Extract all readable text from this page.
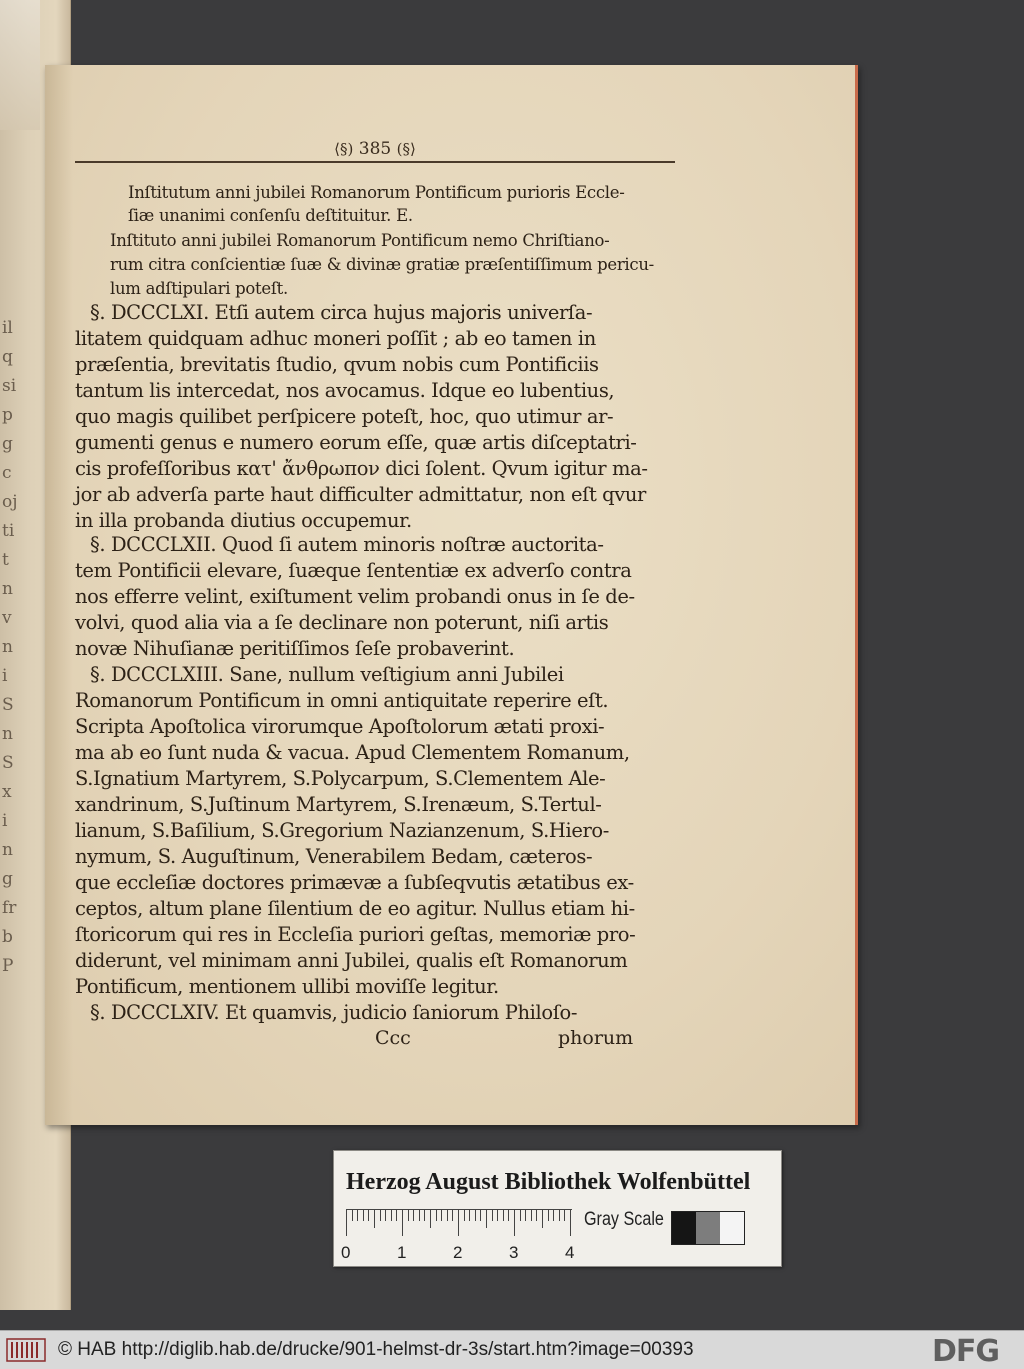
il
q
si
p
g
c
oj
ti
t
n
v
n
i
S
n
S
x
i
n
g
fr
b
P
⟨§) 385 (§⟩
Inſtitutum anni jubilei Romanorum Pontificum purioris Eccle-
ſiæ unanimi conſenſu deſtituitur. E.
Inſtituto anni jubilei Romanorum Pontificum nemo Chriſtiano-
rum citra conſcientiæ ſuæ & divinæ gratiæ præſentiſſimum pericu-
lum adſtipulari poteſt.
§. DCCCLXI. Etſi autem circa hujus majoris univerſa-
litatem quidquam adhuc moneri poſſit ; ab eo tamen in
præſentia, brevitatis ſtudio, qvum nobis cum Pontificiis
tantum lis intercedat, nos avocamus. Idque eo lubentius,
quo magis quilibet perſpicere poteſt, hoc, quo utimur ar-
gumenti genus e numero eorum eſſe, quæ artis diſceptatri-
cis profeſſoribus κατ' ἄνθρωπον dici ſolent. Qvum igitur ma-
jor ab adverſa parte haut difficulter admittatur, non eſt qvur
in illa probanda diutius occupemur.
§. DCCCLXII. Quod ſi autem minoris noſtræ auctorita-
tem Pontificii elevare, ſuæque ſententiæ ex adverſo contra
nos efferre velint, exiſtument velim probandi onus in ſe de-
volvi, quod alia via a ſe declinare non poterunt, niſi artis
novæ Nihuſianæ peritiſſimos ſeſe probaverint.
§. DCCCLXIII. Sane, nullum veſtigium anni Jubilei
Romanorum Pontificum in omni antiquitate reperire eſt.
Scripta Apoſtolica virorumque Apoſtolorum ætati proxi-
ma ab eo ſunt nuda & vacua. Apud Clementem Romanum,
S.Ignatium Martyrem, S.Polycarpum, S.Clementem Ale-
xandrinum, S.Juſtinum Martyrem, S.Irenæum, S.Tertul-
lianum, S.Baſilium, S.Gregorium Nazianzenum, S.Hiero-
nymum, S. Auguſtinum, Venerabilem Bedam, cæteros-
que eccleſiæ doctores primævæ a ſubſeqvutis ætatibus ex-
ceptos, altum plane ſilentium de eo agitur. Nullus etiam hi-
ſtoricorum qui res in Eccleſia puriori geſtas, memoriæ pro-
diderunt, vel minimam anni Jubilei, qualis eſt Romanorum
Pontificum, mentionem ullibi moviſſe legitur.
§. DCCCLXIV. Et quamvis, judicio ſaniorum Philoſo-
Ccc	phorum
Herzog August Bibliothek Wolfenbüttel
0	1	2	3	4
Gray Scale
© HAB http://diglib.hab.de/drucke/901-helmst-dr-3s/start.htm?image=00393	DFG
